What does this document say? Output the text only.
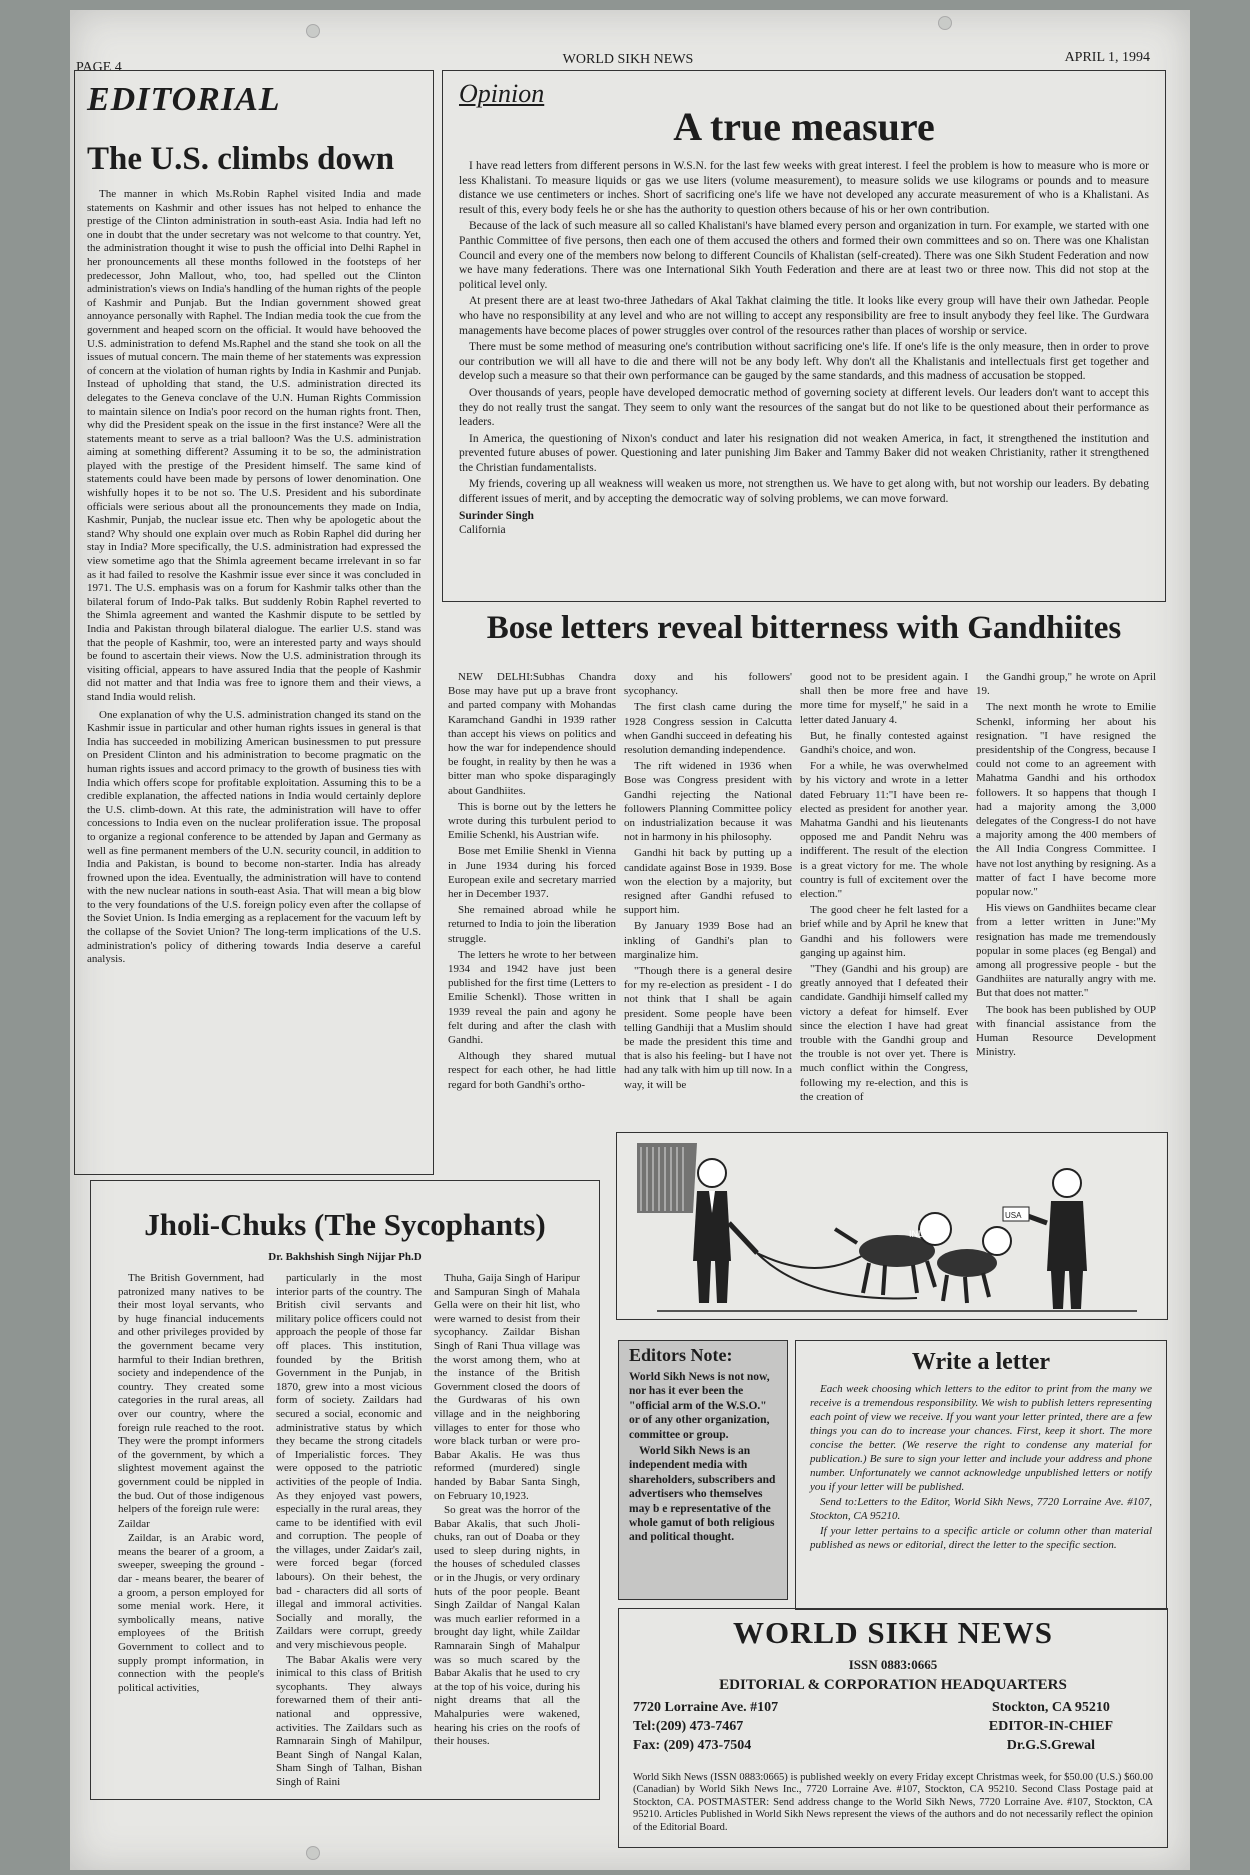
PAGE 4
WORLD SIKH NEWS	APRIL 1, 1994
EDITORIAL
The U.S. climbs down

The manner in which Ms.Robin Raphel visited India and made statements on Kashmir and other issues has not helped to enhance the prestige of the Clinton administration in south-east Asia. India had left no one in doubt that the under secretary was not welcome to that country. Yet, the administration thought it wise to push the official into Delhi Raphel in her pronouncements all these months followed in the footsteps of her predecessor, John Mallout, who, too, had spelled out the Clinton administration's views on India's handling of the human rights of the people of Kashmir and Punjab. But the Indian government showed great annoyance personally with Raphel. The Indian media took the cue from the government and heaped scorn on the official. It would have behooved the U.S. administration to defend Ms.Raphel and the stand she took on all the issues of mutual concern. The main theme of her statements was expression of concern at the violation of human rights by India in Kashmir and Punjab. Instead of upholding that stand, the U.S. administration directed its delegates to the Geneva conclave of the U.N. Human Rights Commission to maintain silence on India's poor record on the human rights front. Then, why did the President speak on the issue in the first instance? Were all the statements meant to serve as a trial balloon? Was the U.S. administration aiming at something different? Assuming it to be so, the administration played with the prestige of the President himself. The same kind of statements could have been made by persons of lower denomination. One wishfully hopes it to be not so. The U.S. President and his subordinate officials were serious about all the pronouncements they made on India, Kashmir, Punjab, the nuclear issue etc. Then why be apologetic about the stand? Why should one explain over much as Robin Raphel did during her stay in India? More specifically, the U.S. administration had expressed the view sometime ago that the Shimla agreement became irrelevant in so far as it had failed to resolve the Kashmir issue ever since it was concluded in 1971. The U.S. emphasis was on a forum for Kashmir talks other than the bilateral forum of Indo-Pak talks. But suddenly Robin Raphel reverted to the Shimla agreement and wanted the Kashmir dispute to be settled by India and Pakistan through bilateral dialogue. The earlier U.S. stand was that the people of Kashmir, too, were an interested party and ways should be found to ascertain their views. Now the U.S. administration through its visiting official, appears to have assured India that the people of Kashmir did not matter and that India was free to ignore them and their views, a stand India would relish.

One explanation of why the U.S. administration changed its stand on the Kashmir issue in particular and other human rights issues in general is that India has succeeded in mobilizing American businessmen to put pressure on President Clinton and his administration to become pragmatic on the human rights issues and accord primacy to the growth of business ties with India which offers scope for profitable exploitation. Assuming this to be a credible explanation, the affected nations in India would certainly deplore the U.S. climb-down. At this rate, the administration will have to offer concessions to India even on the nuclear proliferation issue. The proposal to organize a regional conference to be attended by Japan and Germany as well as fine permanent members of the U.N. security council, in addition to India and Pakistan, is bound to become non-starter. India has already frowned upon the idea. Eventually, the administration will have to contend with the new nuclear nations in south-east Asia. That will mean a big blow to the very foundations of the U.S. foreign policy even after the collapse of the Soviet Union. Is India emerging as a replacement for the vacuum left by the collapse of the Soviet Union? The long-term implications of the U.S. administration's policy of dithering towards India deserve a careful analysis.

Opinion
A true measure

I have read letters from different persons in W.S.N. for the last few weeks with great interest. I feel the problem is how to measure who is more or less Khalistani. To measure liquids or gas we use liters (volume measurement), to measure solids we use kilograms or pounds and to measure distance we use centimeters or inches. Short of sacrificing one's life we have not developed any accurate measurement of who is a Khalistani. As result of this, every body feels he or she has the authority to question others because of his or her own contribution.

Because of the lack of such measure all so called Khalistani's have blamed every person and organization in turn. For example, we started with one Panthic Committee of five persons, then each one of them accused the others and formed their own committees and so on. There was one Khalistan Council and every one of the members now belong to different Councils of Khalistan (self-created). There was one Sikh Student Federation and now we have many federations. There was one International Sikh Youth Federation and there are at least two or three now. This did not stop at the political level only.

At present there are at least two-three Jathedars of Akal Takhat claiming the title. It looks like every group will have their own Jathedar. People who have no responsibility at any level and who are not willing to accept any responsibility are free to insult anybody they feel like. The Gurdwara managements have become places of power struggles over control of the resources rather than places of worship or service.

There must be some method of measuring one's contribution without sacrificing one's life. If one's life is the only measure, then in order to prove our contribution we will all have to die and there will not be any body left. Why don't all the Khalistanis and intellectuals first get together and develop such a measure so that their own performance can be gauged by the same standards, and this madness of accusation be stopped.

Over thousands of years, people have developed democratic method of governing society at different levels. Our leaders don't want to accept this they do not really trust the sangat. They seem to only want the resources of the sangat but do not like to be questioned about their performance as leaders.

In America, the questioning of Nixon's conduct and later his resignation did not weaken America, in fact, it strengthened the institution and prevented future abuses of power. Questioning and later punishing Jim Baker and Tammy Baker did not weaken Christianity, rather it strengthened the Christian fundamentalists.

My friends, covering up all weakness will weaken us more, not strengthen us. We have to get along with, but not worship our leaders. By debating different issues of merit, and by accepting the democratic way of solving problems, we can move forward.

Surinder Singh

California

Bose letters reveal bitterness with Gandhiites

NEW DELHI:Subhas Chandra Bose may have put up a brave front and parted company with Mohandas Karamchand Gandhi in 1939 rather than accept his views on politics and how the war for independence should be fought, in reality by then he was a bitter man who spoke disparagingly about Gandhiites.

This is borne out by the letters he wrote during this turbulent period to Emilie Schenkl, his Austrian wife.

Bose met Emilie Shenkl in Vienna in June 1934 during his forced European exile and secretary married her in December 1937.

She remained abroad while he returned to India to join the liberation struggle.

The letters he wrote to her between 1934 and 1942 have just been published for the first time (Letters to Emilie Schenkl). Those written in 1939 reveal the pain and agony he felt during and after the clash with Gandhi.

Although they shared mutual respect for each other, he had little regard for both Gandhi's ortho-

doxy and his followers' sycophancy.

The first clash came during the 1928 Congress session in Calcutta when Gandhi succeed in defeating his resolution demanding independence.

The rift widened in 1936 when Bose was Congress president with Gandhi rejecting the National followers Planning Committee policy on industrialization because it was not in harmony in his philosophy.

Gandhi hit back by putting up a candidate against Bose in 1939. Bose won the election by a majority, but resigned after Gandhi refused to support him.

By January 1939 Bose had an inkling of Gandhi's plan to marginalize him.

"Though there is a general desire for my re-election as president - I do not think that I shall be again president. Some people have been telling Gandhiji that a Muslim should be made the president this time and that is also his feeling- but I have not had any talk with him up till now. In a way, it will be

good not to be president again. I shall then be more free and have more time for myself," he said in a letter dated January 4.

But, he finally contested against Gandhi's choice, and won.

For a while, he was overwhelmed by his victory and wrote in a letter dated February 11:"I have been re-elected as president for another year. Mahatma Gandhi and his lieutenants opposed me and Pandit Nehru was indifferent. The result of the election is a great victory for me. The whole country is full of excitement over the election."

The good cheer he felt lasted for a brief while and by April he knew that Gandhi and his followers were ganging up against him.

"They (Gandhi and his group) are greatly annoyed that I defeated their candidate. Gandhiji himself called my victory a defeat for himself. Ever since the election I have had great trouble with the Gandhi group and the trouble is not over yet. There is much conflict within the Congress, following my re-election, and this is the creation of

the Gandhi group," he wrote on April 19.

The next month he wrote to Emilie Schenkl, informing her about his resignation. "I have resigned the presidentship of the Congress, because I could not come to an agreement with Mahatma Gandhi and his orthodox followers. It so happens that though I had a majority among the 3,000 delegates of the Congress-I do not have a majority among the 400 members of the All India Congress Committee. I have not lost anything by resigning. As a matter of fact I have become more popular now."

His views on Gandhiites became clear from a letter written in June:"My resignation has made me tremendously popular in some places (eg Bengal) and among all progressive people - but the Gandhiites are naturally angry with me. But that does not matter."

The book has been published by OUP with financial assistance from the Human Resource Development Ministry.

INDIA
USA
Jholi-Chuks (The Sycophants)
Dr. Bakhshish Singh Nijjar Ph.D

The British Government, had patronized many natives to be their most loyal servants, who by huge financial inducements and other privileges provided by the government became very harmful to their Indian brethren, society and independence of the country. They created some categories in the rural areas, all over our country, where the foreign rule reached to the root. They were the prompt informers of the government, by which a slightest movement against the government could be nippled in the bud. Out of those indigenous helpers of the foreign rule were:

Zaildar

Zaildar, is an Arabic word, means the bearer of a groom, a sweeper, sweeping the ground - dar - means bearer, the bearer of a groom, a person employed for some menial work. Here, it symbolically means, native employees of the British Government to collect and to supply prompt information, in connection with the people's political activities,

particularly in the most interior parts of the country. The British civil servants and military police officers could not approach the people of those far off places. This institution, founded by the British Government in the Punjab, in 1870, grew into a most vicious form of society. Zaildars had secured a social, economic and administrative status by which they became the strong citadels of Imperialistic forces. They were opposed to the patriotic activities of the people of India. As they enjoyed vast powers, especially in the rural areas, they came to be identified with evil and corruption. The people of the villages, under Zaidar's zail, were forced begar (forced labours). On their behest, the bad - characters did all sorts of illegal and immoral activities. Socially and morally, the Zaildars were corrupt, greedy and very mischievous people.

The Babar Akalis were very inimical to this class of British sycophants. They always forewarned them of their anti-national and oppressive, activities. The Zaildars such as Ramnarain Singh of Mahilpur, Beant Singh of Nangal Kalan, Sham Singh of Talhan, Bishan Singh of Raini

Thuha, Gaija Singh of Haripur and Sampuran Singh of Mahala Gella were on their hit list, who were warned to desist from their sycophancy. Zaildar Bishan Singh of Rani Thua village was the worst among them, who at the instance of the British Government closed the doors of the Gurdwaras of his own village and in the neighboring villages to enter for those who wore black turban or were pro-Babar Akalis. He was thus reformed (murdered) single handed by Babar Santa Singh, on February 10,1923.

So great was the horror of the Babar Akalis, that such Jholi-chuks, ran out of Doaba or they used to sleep during nights, in the houses of scheduled classes or in the Jhugis, or very ordinary huts of the poor people. Beant Singh Zaildar of Nangal Kalan was much earlier reformed in a brought day light, while Zaildar Ramnarain Singh of Mahalpur was so much scared by the Babar Akalis that he used to cry at the top of his voice, during his night dreams that all the Mahalpuries were wakened, hearing his cries on the roofs of their houses.

Editors Note:

World Sikh News is not now, nor has it ever been the "official arm of the W.S.O." or of any other organization, committee or group.

World Sikh News is an independent media with shareholders, subscribers and advertisers who themselves may b e representative of the whole gamut of both religious and political thought.

Write a letter

Each week choosing which letters to the editor to print from the many we receive is a tremendous responsibility. We wish to publish letters representing each point of view we receive. If you want your letter printed, there are a few things you can do to increase your chances. First, keep it short. The more concise the better. (We reserve the right to condense any material for publication.) Be sure to sign your letter and include your address and phone number. Unfortunately we cannot acknowledge unpublished letters or notify you if your letter will be published.

Send to:Letters to the Editor, World Sikh News, 7720 Lorraine Ave. #107, Stockton, CA 95210.

If your letter pertains to a specific article or column other than material published as news or editorial, direct the letter to the specific section.

WORLD SIKH NEWS
ISSN 0883:0665
EDITORIAL & CORPORATION HEADQUARTERS
7720 Lorraine Ave. #107
Tel:(209) 473-7467
Fax: (209) 473-7504
Stockton, CA 95210
EDITOR-IN-CHIEF
Dr.G.S.Grewal
World Sikh News (ISSN 0883:0665) is published weekly on every Friday except Christmas week, for $50.00 (U.S.) $60.00 (Canadian) by World Sikh News Inc., 7720 Lorraine Ave. #107, Stockton, CA 95210. Second Class Postage paid at Stockton, CA. POSTMASTER: Send address change to the World Sikh News, 7720 Lorraine Ave. #107, Stockton, CA 95210. Articles Published in World Sikh News represent the views of the authors and do not necessarily reflect the opinion of the Editorial Board.
